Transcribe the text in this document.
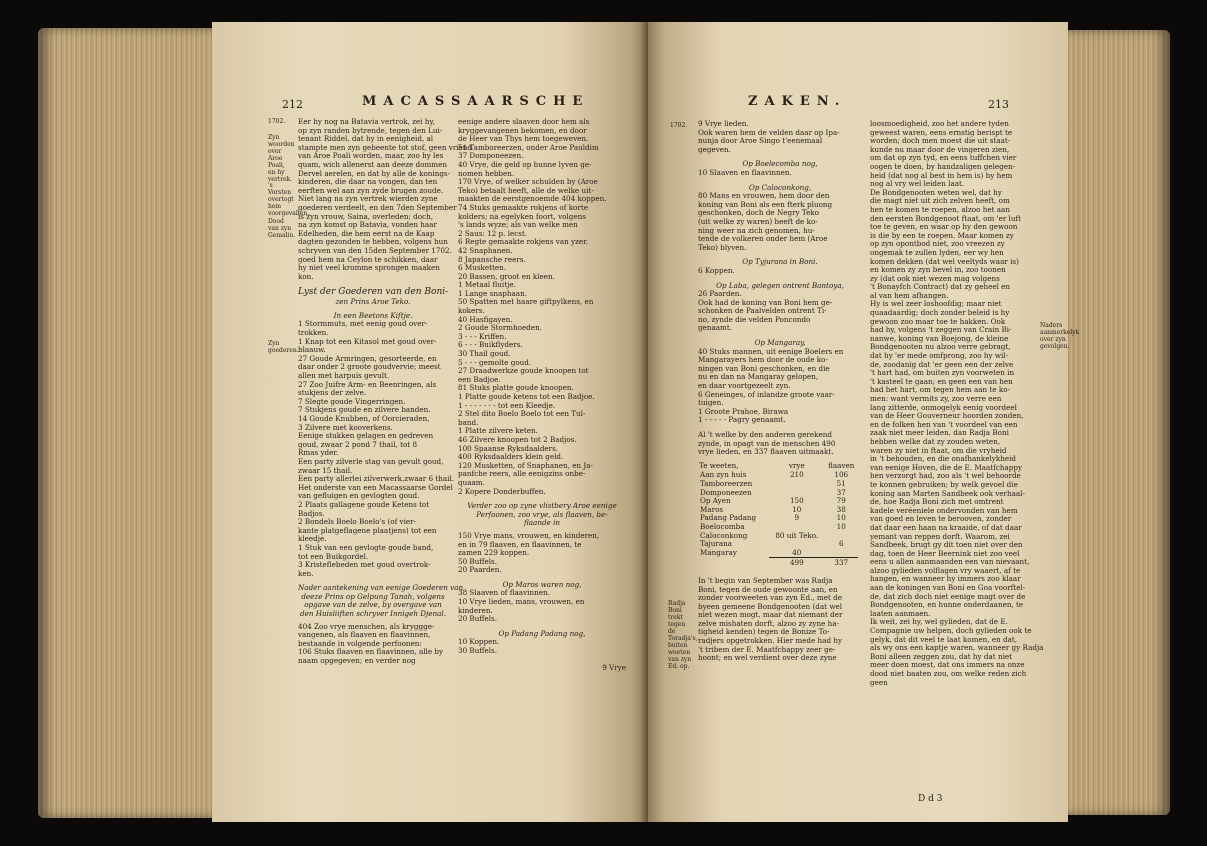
212	MACASSAARSCHE
1702.
Zyn woorden over Aroe Poali, en hy vertrek.
's Vorsten overtogt hem voorgevallen.
Dood van zyn Gemalin.
Zyn goederen.
Eer hy nog na Batavia vertrok, zei hy,
op zyn randen bytrende, tegen den Lui-
tenant Riddel, dat hy in eenigheid, al
stampte men zyn gebeente tot stof, geen vriend
van Aroe Poali worden, maar, zoo hy les
quam, wich allenerst aan deeze dommen
Dervel aerelen, en dat hy alle de konings-
kinderen, die daar na vongen, dan ten
eerften wel aan zyn zyde brugen zoude.
Niet lang na zyn vertrek wierden zyne
goederen verdeelt, en den 7den September
is zyn vrouw, Saina, overleden; doch,
na zyn komst op Batavia, vonden haar
Edelheden, die hem eerst na de Kaap
dagten gezonden te hebben, volgens hun
schryven van den 15den September 1702.
goed hem na Ceylon te schikken, daar
hy niet veel kromme sprongen maaken
kon.
Lyst der Goederen van den Boni-
zen Prins Aroe Teko.
In een Beetons Kiftje.
1 Stormmuts, met eenig goud over-
trokken.
1 Knap tot een Kitasol met goud over-
blaauw.
27 Goude Armringen, gesorteerde, en
daar onder 2 groote goudvervie; meest
allen met harpuis gevult.
27 Zoo Juifre Arm- en Beenringen, als
stukjens der zelve.
7 Slegte goude Vingerringen.
7 Stukjens goude en zilvere banden.
14 Goude Knubben, of Oorcieraden,
3 Zilvere met kooverkens.
Eenige stukken gelagen en gedreven
goud, zwaar 2 pond 7 thail, tot 8
Rmas yder.
Een party zilverle stag van gevult goud,
zwaar 15 thail.
Een party allerlei zilverwerk,zwaar 6 thail.
Het onderste van een Macassaarse Gordel
van gefluigen en gevlogten goud.
2 Plaats gallagene goude Ketens tot
Badjos.
2 Bondels Boelo Boelo's (of vier-
kante platgeflagene plaatjens) tot een
kleedje.
1 Stuk van een gevlogte goude band,
tot een Buikgordel.
3 Kristeflebeden met goud overtrok-
ken.
Nader aantekening van eenige Goederen van
deeze Prins op Gelpung Tanah, volgens
opgave van de zelve, by overgave van
den Huisliiften schryver Innigeh Djenal.
404 Zoo vrye menschen, als kryggge-
vangenen, als flaaven en flaavinnen,
bestaande in volgende perfoonen:
106 Stuks flaaven en flaavinnen, alle by
naam opgegeven; en verder nog
eenige andere slaaven door hem als
kryggevangenen bekomen, en door
de Heer van Thys hem toegeweven.
51 Tamboreerzen, onder Aroe Pauldim
37 Domponeezen.
40 Vrye, die geld op hunne lyven ge-
nomen hebben.
170 Vrye, of welker schulden by (Aroe
Teko) betaalt heeft, alle de welke uit-
maakten de eerstgenoemde 404 koppen.
74 Stuks gemaakte rokjens of korte
kolders; na egelyken foort, volgens
's lands wyze; als van welke men
2 Saus: 12 p. lecst.
6 Regte gemaakte rokjens van yzer.
42 Snaphanen.
8 Japansche reers.
6 Musketten.
20 Bassen, groot en kleen.
1 Metaal fluitje.
1 Lange snaphaan.
50 Spatten met haare giftpylkens, en
kokers.
40 Hasfigayen.
2 Goude Stormhoeden.
3 - - - Kriffen.
6 - - - Buikflyders.
30 Thail goud.
5 - - - gemolte goud.
27 Draadwerkze goude knoopen tot
een Badjoe.
81 Stuks platte goude knoopen.
1 Platte goude ketens tot een Badjoe.
1 - - - - - - - tot een Kleedje.
2 Stel dito Boelo Boelo tot een Tul-
band.
1 Platte zilvere keten.
46 Zilvere knoopen tot 2 Badjos.
100 Spaanse Ryksdaalders.
400 Ryksdaalders klein geld.
120 Musketten, of Snaphanen, en Ja-
panfche reers, alle eenigzins onbe-
quaam.
2 Kopere Donderbuffen.
Verder zoo op zyne vlistbery Aroe eenige
Perfoonen, zoo vrye, als flaaven, be-
flaande in
150 Vrye mans, vrouwen, en kinderen,
en in 79 flaaven, en flaavinnen, te
zamen 229 koppen.
50 Buffels.
20 Paarden.
Op Maros waren nog,
38 Slaaven of flaavinnen.
10 Vrye lieden, mans, vrouwen, en
kinderen.
20 Buffels.
Op Padang Padang nog,
10 Koppen.
30 Buffels.
9 Vrye
ZAKEN.	213
1702.
Radja Boni trekt tegen de Toradja's, buiten weeten van zyn Ed. op.
Naders aanmerkelyk over zyn gevolgen.
9 Vrye lieden.
Ook waren hem de velden daar op Ipa-
nunja door Aroe Singo t'eenemaal
gegeven.
Op Boelecomba nog,
10 Slaaven en flaavinnen.
Op Caloconkong,
80 Mans en vrouwen, hem door den
koning van Boni als een fterk pluong
geschonken, doch de Negry Teko
(uit welke zy waren) heeft de ko-
ning weer na zich genomen, hu-
tende de volkeren onder hem (Aroe
Teko) blyven.
Op Tyjurana in Boni.
6 Koppen.
Op Laba, gelegen ontrent Bantoya,
26 Paarden.
Ook had de koning van Boni hem ge-
schonken de Paalvelden ontrent Ti-
no, zynde die velden Poncondo
genaamt.
Op Mangaray,
40 Stuks mannen, uit eenige Boelers en
Mangarayers hem door de oude ko-
ningen van Boni geschonken, en die
nu en dan na Mangaray gelopen,
en daar voortgezeelt zyn.
6 Geneinges, of inlandze groote vaar-
tuigen.
1 Groote Prahoe, Birawa
1 - - - - - Pagry genaamt.
Al 't welke by den anderen gerekend
zynde, in opagt van de menschen 490
vrye lieden, en 337 flaaven uitmaakt.
Te weeten,	vrye	flaaven
Aan zyn huis	210	106
Tamboreerzen		51
Domponeezen		37
Op Ayen	150	79
Maros	10	38
Padang Padang	9	10
Boelocomba		10
Caloconkong	80 uit Teko.	
Tajurana		6
Mangaray	40	
	499	337
In 't begin van September was Radja
Boni, tegen de oude gewoonte aan, en
zonder voorweeten van zyn Ed., met de
byeen gemeene Bondgenooten (dat wel
niet wezen mogt, maar dat niemant der
zelve mishaten dorft, alzoo zy zyne ha-
tigheid kenden) tegen de Bonize To-
radjers opgetrokken. Hier mede had hy
't tribem der E. Maatfchappy zeer ge-
hoont; en wel verdient over deze zyne
loosmoedigheid, zoo het andere tyden
geweest waren, eens ernstig berispt te
worden; doch men moest die uit staat-
kunde nu maar door de vingeren zien,
om dat op zyn tyd, en eens tuffchen vier
oogen te doen, by handzaligen gelegen-
heid (dat nog al best in hem is) hy hem
nog al vry wel leiden laat.
De Bondgenooten weten wel, dat hy
die magt niet uit zich zelven heeft, om
hen te komen te roepen, alzoo het aan
den eersten Bondgenoot ftaat, om 'er luft
toe te geven, en waar op hy den gewoon
is die by een te roepen. Maar komen zy
op zyn opontbod niet, zoo vreezen zy
ongemak te zullen lyden, eer wy hen
komen dekken (dat wel veeltyds waar is)
en komen zy zyn bevel in, zoo toonen
zy (dat ook niet wezen mag volgens
't Bonayfch Contract) dat zy geheel en
al van hem afhangen.
Hy is wel zeer loshoofdig; maar niet
quaadaardig; doch zonder beleid is hy
gewoon zoo maar toe te hakken. Ook
had hy, volgens 't zeggen van Crain Bi-
nanwe, koning van Boejong, de kleine
Bondgenooten nu alzoo verre gebragt,
dat hy 'er mede omfprong, zoo hy wil-
de, zoodanig dat 'er geen een der zelve
't hart had, om buiten zyn voorweten in
't kasteel te gaan; en geen een van hen
had het hart, om tegen hem aan te ko-
men: want vermits zy, zoo verre een
lang zitterde, onmogelyk eenig voordeel
van de Heer Gouverneur hoorden zonden,
en de folken hen van 't voordeel van een
zaak niet meer leiden, dan Radja Boni
hebben welke dat zy zouden weten,
waren zy niet in ftaat, om die vryheid
in 't behouden, en die onafhankelykheid
van eenige Hoven, die de E. Maatfchappy
hen verzorgt had, zoo als 't wel behoorde
te konnen gebruiken; by welk gevoel die
koning aan Marten Sandbeek ook verhaal-
de, hoe Radja Boni zich met omtrent
kadele veréeniele ondervonden van hem
van goed en leven te berooven, zonder
dat daar een haan na kraaide, of dat daar
yemant van reppen dorft. Waarom, zei
Sandbeek, brugt gy dit toen niet over den
dag, toen de Heer Beernink niet zoo veel
eens u allen aanmaanden een van nievaant,
alzoo gylieden volflagen vry waaert, af te
hangen, en wanneer hy immers zoo klaar
aan de koningen van Boni en Goa voorftel-
de, dat zich doch niet eenige magt over de
Bondgenooten, en hunne onderdaanen, te
laaten aanmaen.
Ik weit, zei hy, wel gylieden, dat de E.
Compagnie uw helpen, doch gylieden ook te
gelyk, dat dit veel te laat komen, en dat,
als wy ons een kaptje waren, wanneer gy Radja
Boni alleen zeggen zou, dat hy dat niet
meer doen moest, dat ons immers na onze
dood niet baaten zou, om welke reden zich
geen
D d 3
